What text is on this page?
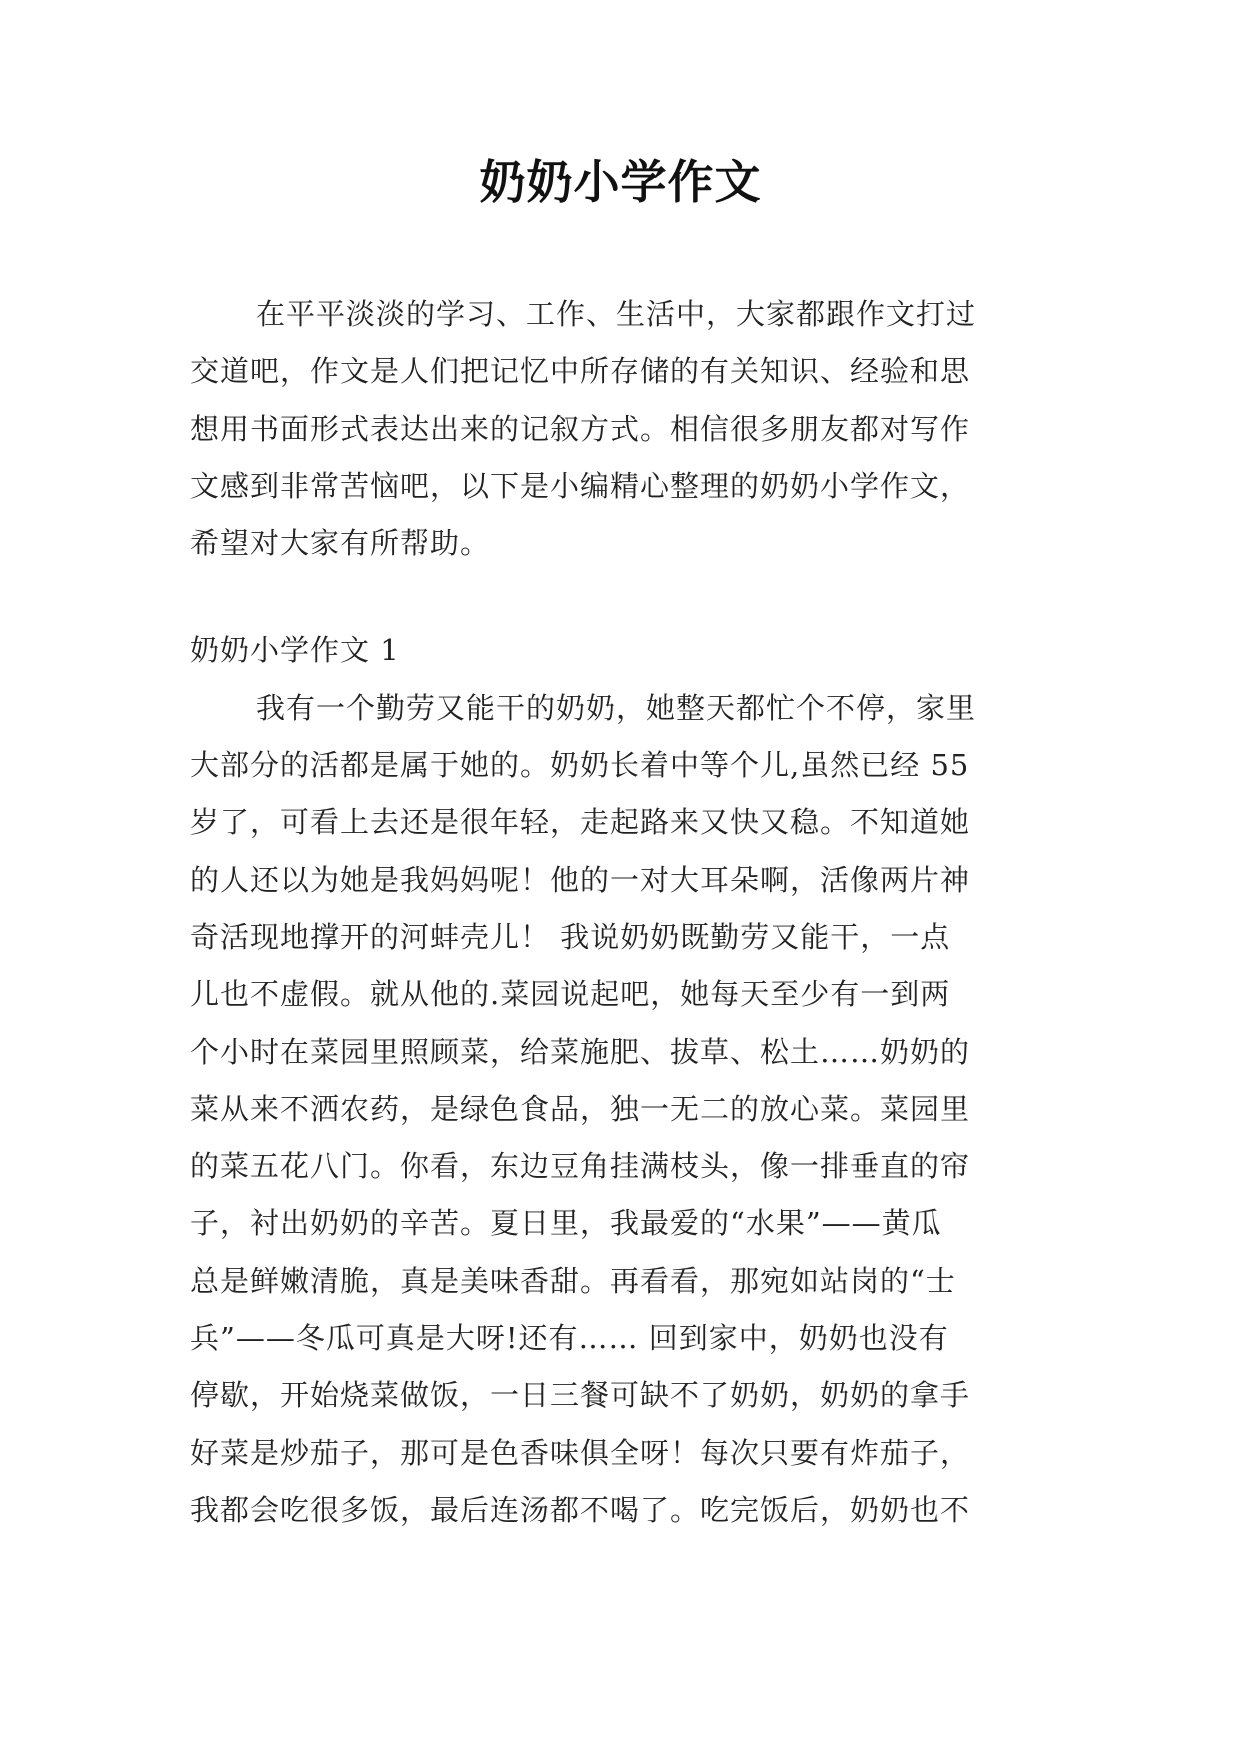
奶奶小学作文
在平平淡淡的学习、工作、生活中，大家都跟作文打过
交道吧，作文是人们把记忆中所存储的有关知识、经验和思
想用书面形式表达出来的记叙方式。相信很多朋友都对写作
文感到非常苦恼吧，以下是小编精心整理的奶奶小学作文，
希望对大家有所帮助。
奶奶小学作文 1
我有一个勤劳又能干的奶奶，她整天都忙个不停，家里
大部分的活都是属于她的。奶奶长着中等个儿,虽然已经 55
岁了，可看上去还是很年轻，走起路来又快又稳。不知道她
的人还以为她是我妈妈呢！他的一对大耳朵啊，活像两片神
奇活现地撑开的河蚌壳儿！ 我说奶奶既勤劳又能干，一点
儿也不虚假。就从他的.菜园说起吧，她每天至少有一到两
个小时在菜园里照顾菜，给菜施肥、拔草、松土……奶奶的
菜从来不洒农药，是绿色食品，独一无二的放心菜。菜园里
的菜五花八门。你看，东边豆角挂满枝头，像一排垂直的帘
子，衬出奶奶的辛苦。夏日里，我最爱的“水果”——黄瓜
总是鲜嫩清脆，真是美味香甜。再看看，那宛如站岗的“士
兵”——冬瓜可真是大呀!还有…… 回到家中，奶奶也没有
停歇，开始烧菜做饭，一日三餐可缺不了奶奶，奶奶的拿手
好菜是炒茄子，那可是色香味俱全呀！每次只要有炸茄子，
我都会吃很多饭，最后连汤都不喝了。吃完饭后，奶奶也不
